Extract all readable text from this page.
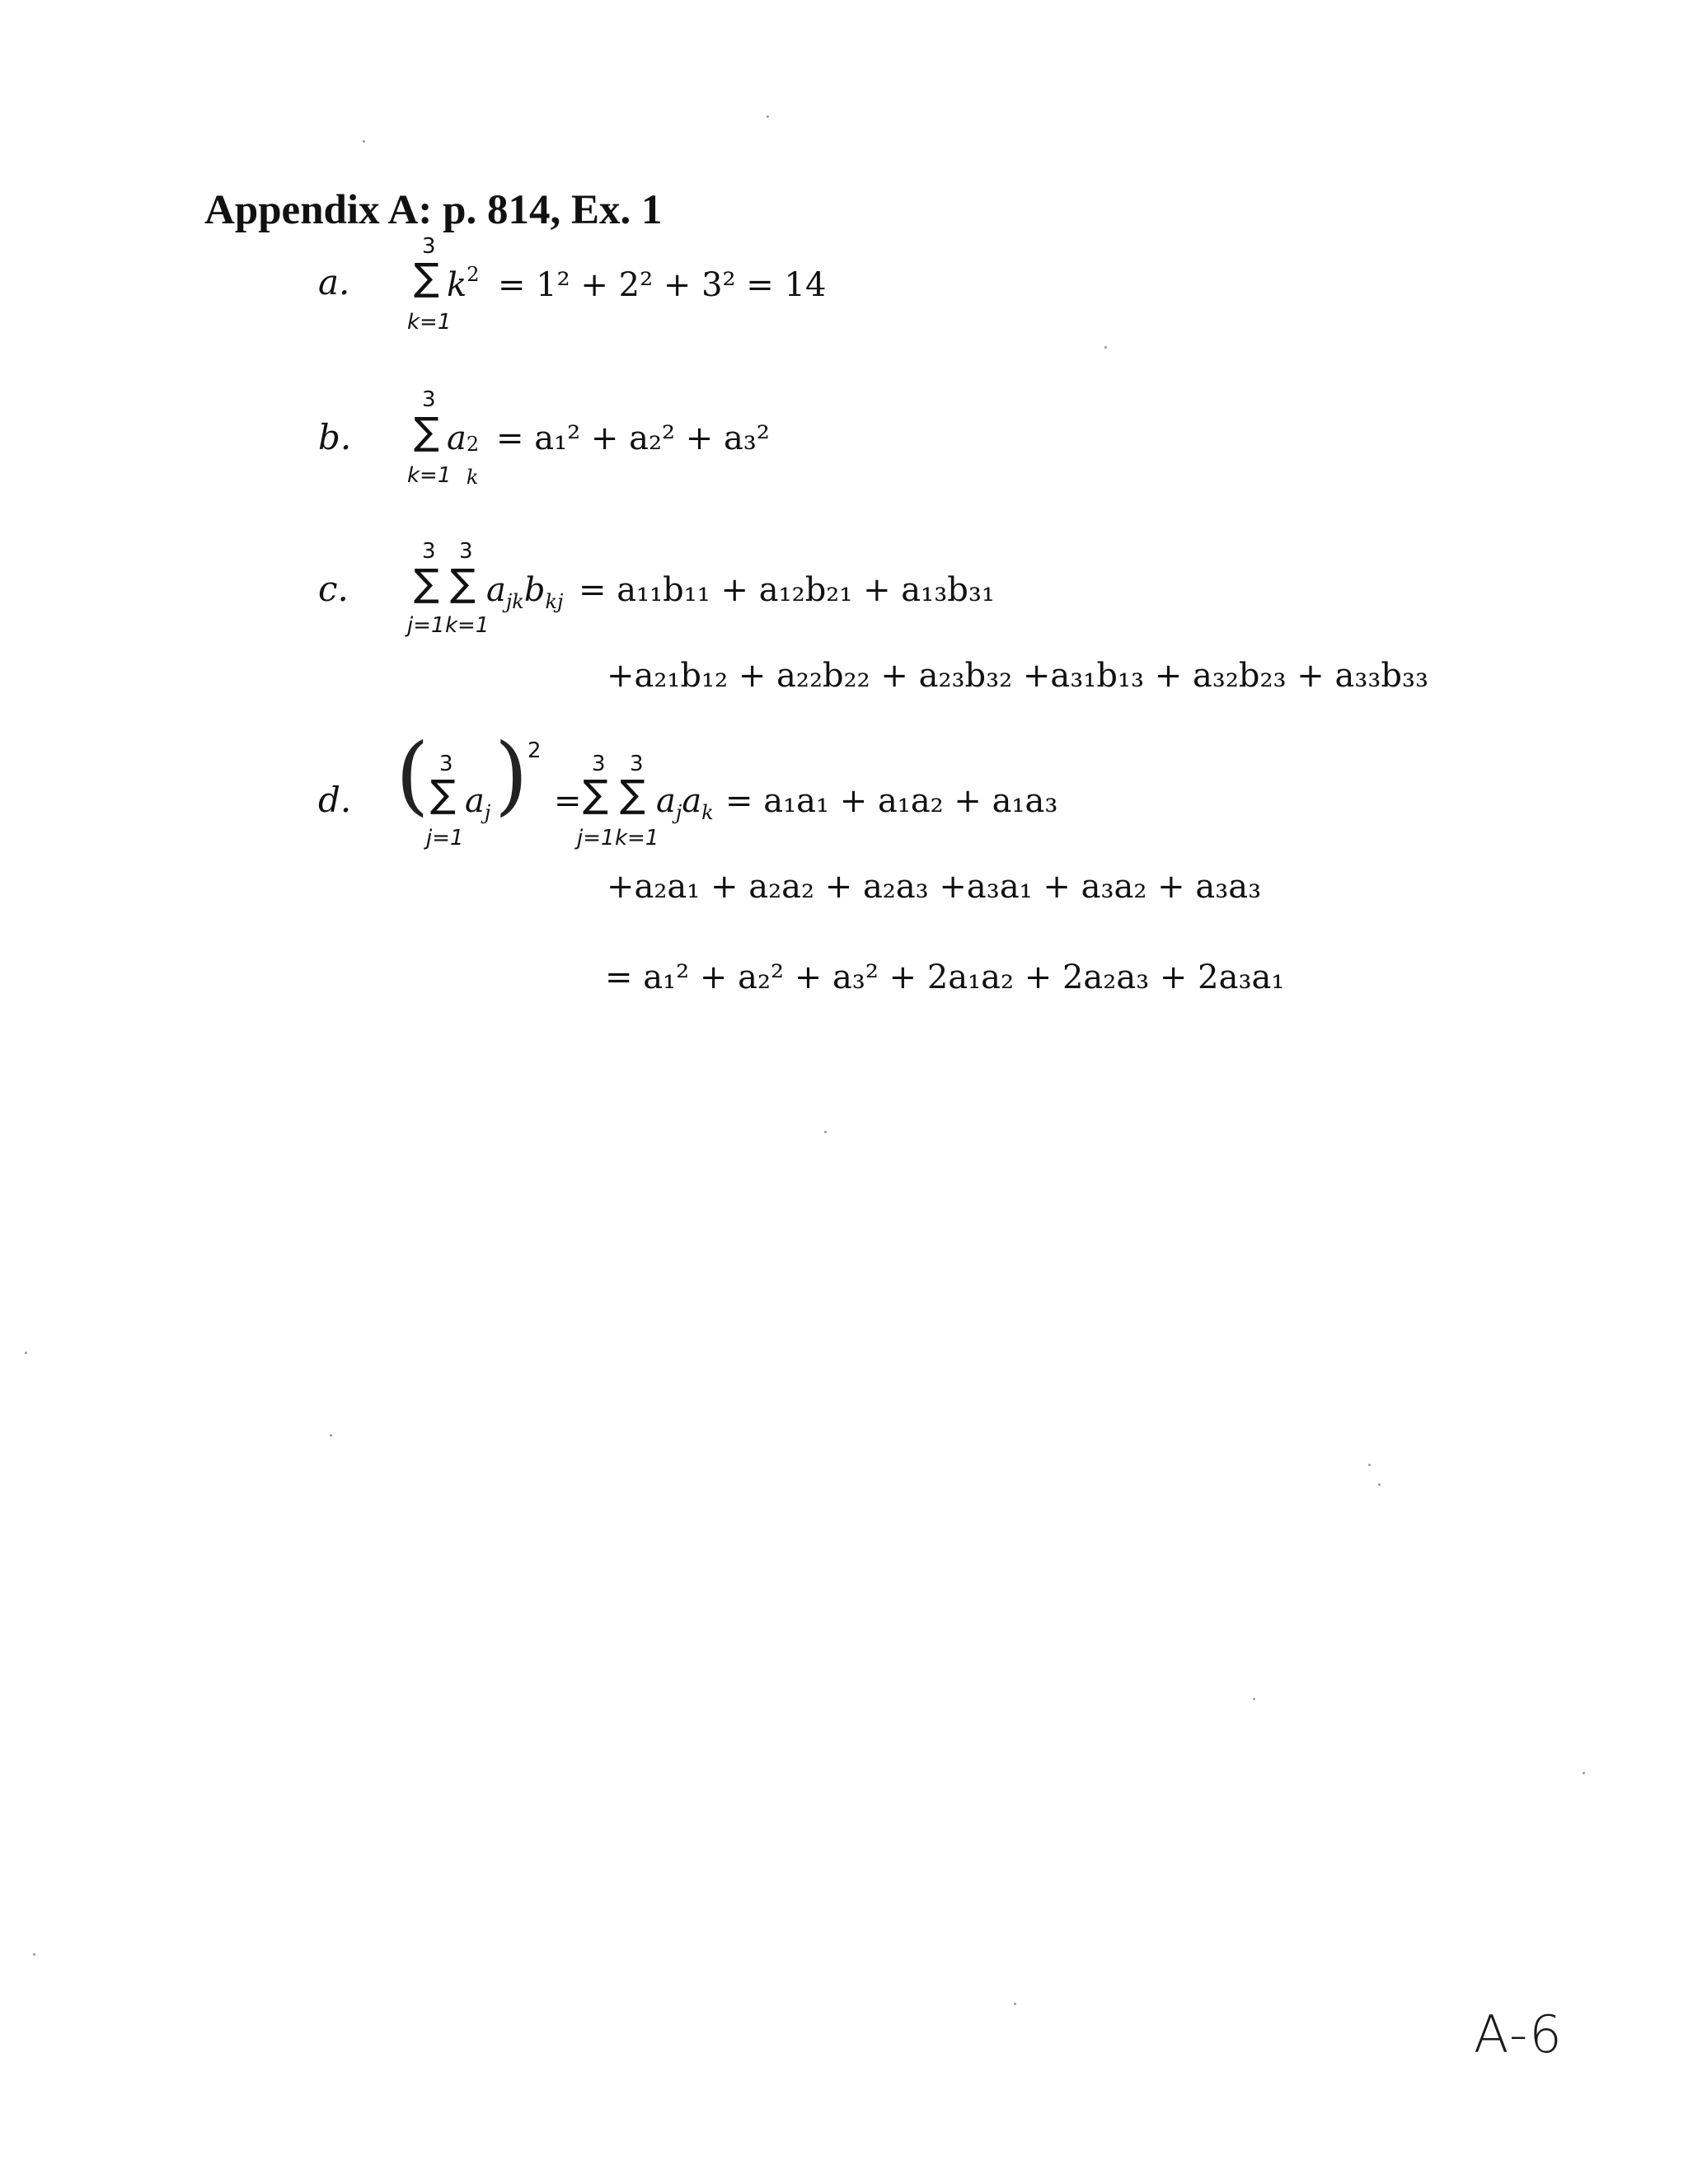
Appendix A: p. 814, Ex. 1
a.
3
∑
k=1
$k^2 = 1^2 + 2^2 + 3^2 = 14$
b.
3
∑
k=1
a 2
k
= a₁² + a₂² + a₃²
c.
3 3
∑ ∑
j=1 k=1
$a_{jk}b_{kj} = a_{11}b_{11} + a_{12}b_{21} + a_{13}b_{31}$
+a₂₁b₁₂ + a₂₂b₂₂ + a₂₃b₃₂ +a₃₁b₁₃ + a₃₂b₂₃ + a₃₃b₃₃
d. ( 3
∑
j=1
$a_j$ ) 2
=
3 3
∑ ∑
j=1 k=1
$a_ja_k = a_1a_1 + a_1a_2 + a_1a_3$
+a₂a₁ + a₂a₂ + a₂a₃ +a₃a₁ + a₃a₂ + a₃a₃
= a₁² + a₂² + a₃² + 2a₁a₂ + 2a₂a₃ + 2a₃a₁
A-6
